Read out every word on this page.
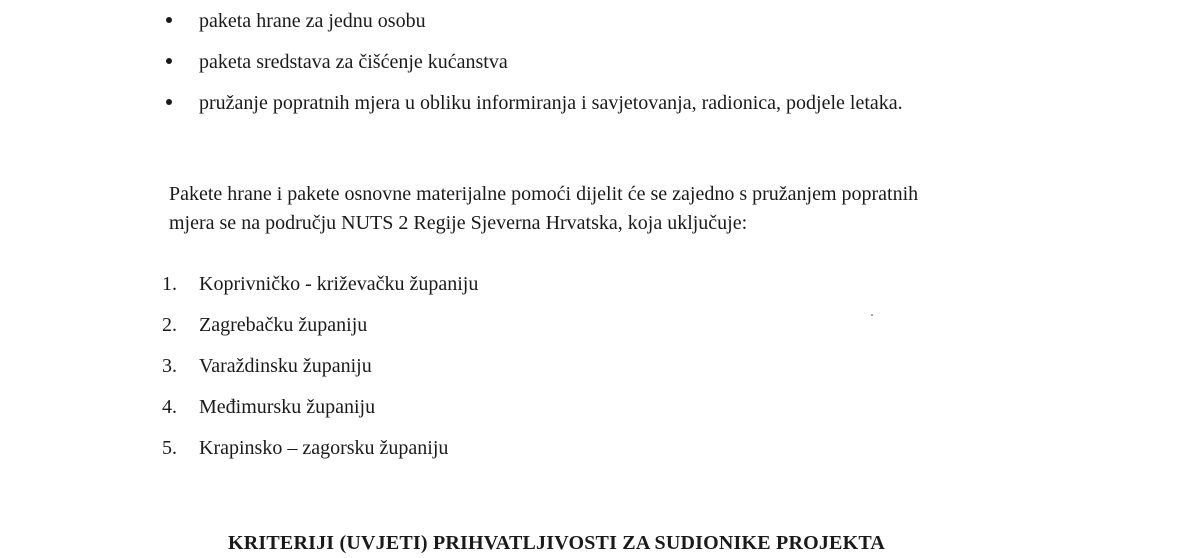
paketa hrane za jednu osobu
paketa sredstava za čišćenje kućanstva
pružanje popratnih mjera u obliku informiranja i savjetovanja, radionica, podjele letaka.
Pakete hrane i pakete osnovne materijalne pomoći dijelit će se zajedno s pružanjem popratnih
mjera se na području NUTS 2 Regije Sjeverna Hrvatska, koja uključuje:
1. Koprivničko - križevačku županiju
2. Zagrebačku županiju
3. Varaždinsku županiju
4. Međimursku županiju
5. Krapinsko – zagorsku županiju
KRITERIJI (UVJETI) PRIHVATLJIVOSTI ZA SUDIONIKE PROJEKTA
